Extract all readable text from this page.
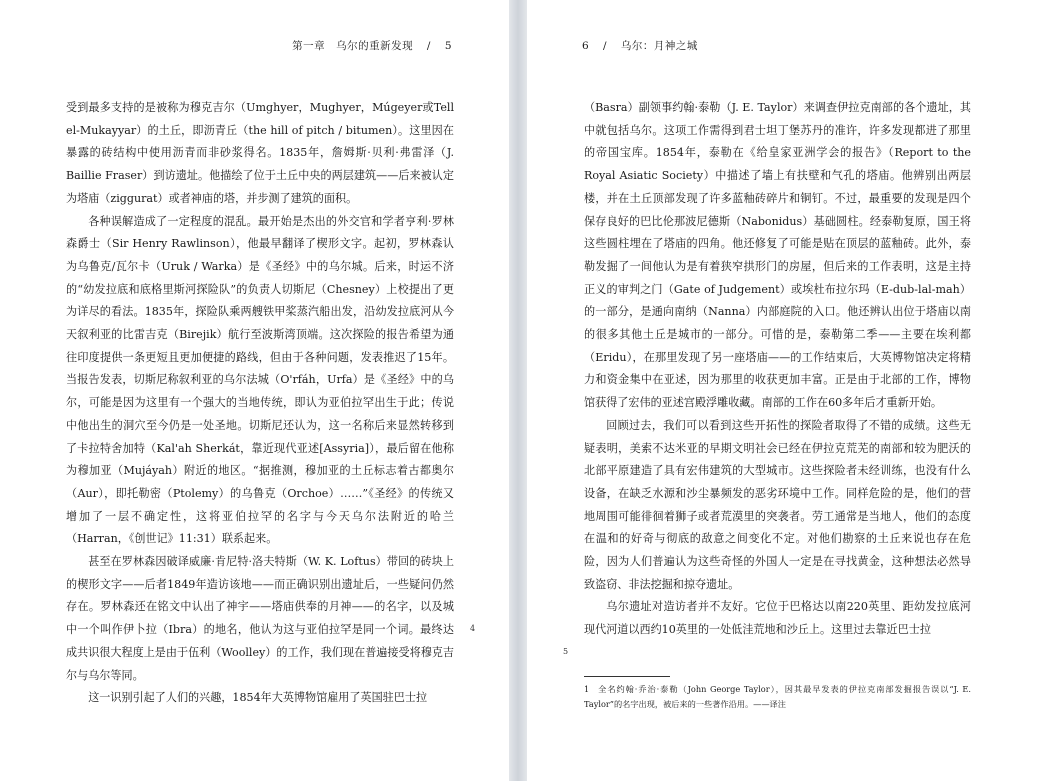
第一章　乌尔的重新发现 / 5

受到最多支持的是被称为穆克吉尔（Umghyer，Mughyer，Múgeyer或Tell el-Mukayyar）的土丘，即沥青丘（the hill of pitch / bitumen）。这里因在暴露的砖结构中使用沥青而非砂浆得名。1835年，詹姆斯·贝利·弗雷泽（J. Baillie Fraser）到访遗址。他描绘了位于土丘中央的两层建筑——后来被认定为塔庙（ziggurat）或者神庙的塔，并步测了建筑的面积。

各种误解造成了一定程度的混乱。最开始是杰出的外交官和学者亨利·罗林森爵士（Sir Henry Rawlinson），他最早翻译了楔形文字。起初，罗林森认为乌鲁克/瓦尔卡（Uruk / Warka）是《圣经》中的乌尔城。后来，时运不济的“幼发拉底和底格里斯河探险队”的负责人切斯尼（Chesney）上校提出了更为详尽的看法。1835年，探险队乘两艘铁甲桨蒸汽船出发，沿幼发拉底河从今天叙利亚的比雷吉克（Birejik）航行至波斯湾顶端。这次探险的报告希望为通往印度提供一条更短且更加便捷的路线，但由于各种问题，发表推迟了15年。当报告发表，切斯尼称叙利亚的乌尔法城（O'rfáh，Urfa）是《圣经》中的乌尔，可能是因为这里有一个强大的当地传统，即认为亚伯拉罕出生于此；传说中他出生的洞穴至今仍是一处圣地。切斯尼还认为，这一名称后来显然转移到了卡拉特舍加特（Kal'ah Sherkát，靠近现代亚述[Assyria]），最后留在他称为穆加亚（Mujáyah）附近的地区。“据推测，穆加亚的土丘标志着古都奥尔（Aur），即托勒密（Ptolemy）的乌鲁克（Orchoe）……”《圣经》的传统又增加了一层不确定性，这将亚伯拉罕的名字与今天乌尔法附近的哈兰（Harran，《创世记》11:31）联系起来。

甚至在罗林森因破译威廉·肯尼特·洛夫特斯（W. K. Loftus）带回的砖块上的楔形文字——后者1849年造访该地——而正确识别出遗址后，一些疑问仍然存在。罗林森还在铭文中认出了神宇——塔庙供奉的月神——的名字，以及城中一个叫作伊卜拉（Ibra）的地名，他认为这与亚伯拉罕是同一个词。最终达成共识很大程度上是由于伍利（Woolley）的工作，我们现在普遍接受将穆克吉尔与乌尔等同。

这一识别引起了人们的兴趣，1854年大英博物馆雇用了英国驻巴士拉

4
6 / 乌尔：月神之城
5

（Basra）副领事约翰·泰勒（J. E. Taylor）来调查伊拉克南部的各个遗址，其中就包括乌尔。这项工作需得到君士坦丁堡苏丹的准许，许多发现都进了那里的帝国宝库。1854年，泰勒在《给皇家亚洲学会的报告》（Report to the Royal Asiatic Society）中描述了墙上有扶壁和气孔的塔庙。他辨别出两层楼，并在土丘顶部发现了许多蓝釉砖碎片和铜钉。不过，最重要的发现是四个保存良好的巴比伦那波尼德斯（Nabonidus）基础圆柱。经泰勒复原，国王将这些圆柱埋在了塔庙的四角。他还修复了可能是贴在顶层的蓝釉砖。此外，泰勒发掘了一间他认为是有着狭窄拱形门的房屋，但后来的工作表明，这是主持正义的审判之门（Gate of Judgement）或埃杜布拉尔玛（E-dub-lal-mah）的一部分，是通向南纳（Nanna）内部庭院的入口。他还辨认出位于塔庙以南的很多其他土丘是城市的一部分。可惜的是，泰勒第二季——主要在埃利都（Eridu），在那里发现了另一座塔庙——的工作结束后，大英博物馆决定将精力和资金集中在亚述，因为那里的收获更加丰富。正是由于北部的工作，博物馆获得了宏伟的亚述宫殿浮雕收藏。南部的工作在60多年后才重新开始。

回顾过去，我们可以看到这些开拓性的探险者取得了不错的成绩。这些无疑表明，美索不达米亚的早期文明社会已经在伊拉克荒芜的南部和较为肥沃的北部平原建造了具有宏伟建筑的大型城市。这些探险者未经训练，也没有什么设备，在缺乏水源和沙尘暴频发的恶劣环境中工作。同样危险的是，他们的营地周围可能徘徊着狮子或者荒漠里的突袭者。劳工通常是当地人，他们的态度在温和的好奇与彻底的敌意之间变化不定。对他们勘察的土丘来说也存在危险，因为人们普遍认为这些奇怪的外国人一定是在寻找黄金，这种想法必然导致盗窃、非法挖掘和掠夺遗址。

乌尔遗址对造访者并不友好。它位于巴格达以南220英里、距幼发拉底河现代河道以西约10英里的一处低洼荒地和沙丘上。这里过去靠近巴士拉

1 全名约翰·乔治·泰勒（John George Taylor），因其最早发表的伊拉克南部发掘报告误以“J. E. Taylor”的名字出现，被后来的一些著作沿用。——译注
